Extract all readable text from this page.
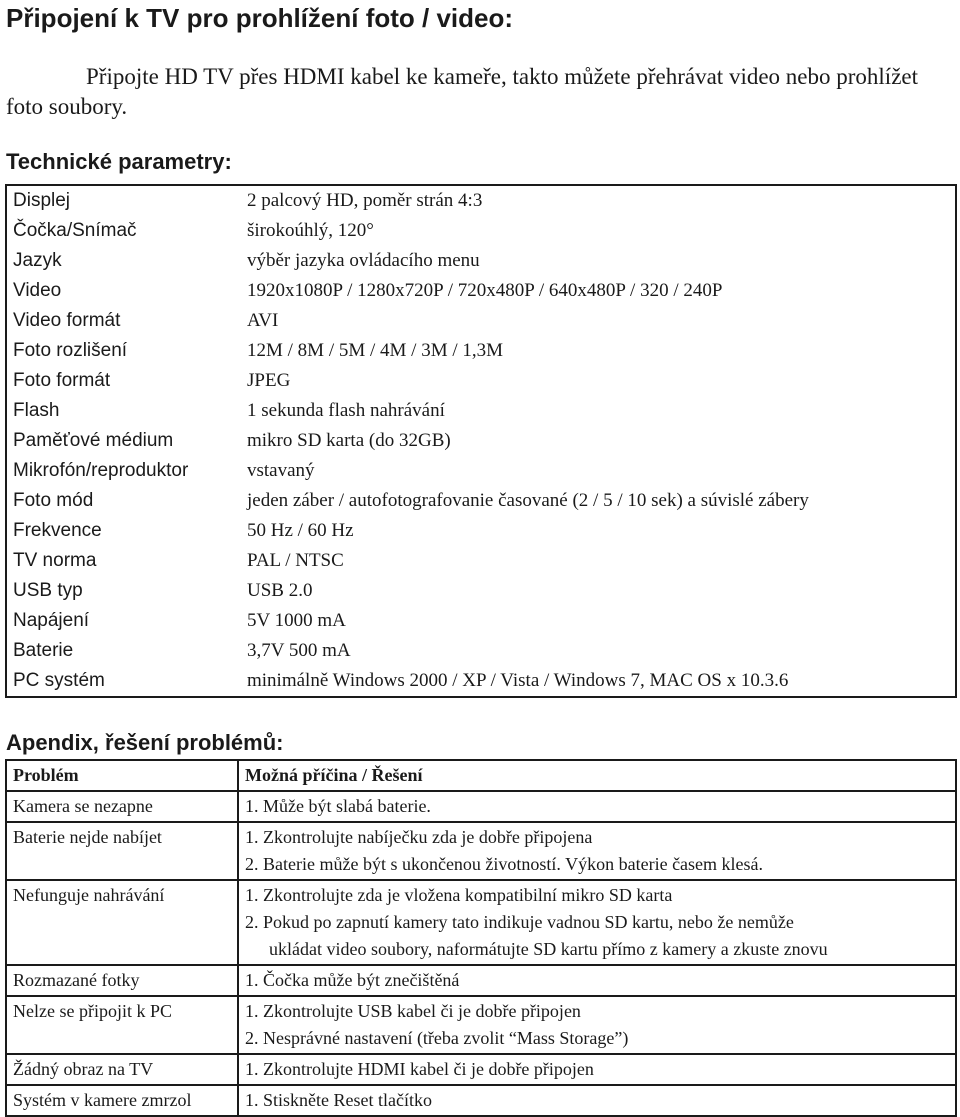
Připojení k TV pro prohlížení foto / video:
Připojte HD TV přes HDMI kabel ke kameře, takto můžete přehrávat video nebo prohlížet foto soubory.
Technické parametry:
Displej	2 palcový HD, poměr strán 4:3
Čočka/Snímač	širokoúhlý, 120°
Jazyk	výběr jazyka ovládacího menu
Video	1920x1080P / 1280x720P / 720x480P / 640x480P / 320 / 240P
Video formát	AVI
Foto rozlišení	12M / 8M / 5M / 4M / 3M / 1,3M
Foto formát	JPEG
Flash	1 sekunda flash nahrávání
Paměťové médium	mikro SD karta (do 32GB)
Mikrofón/reproduktor	vstavaný
Foto mód	jeden záber / autofotografovanie časované (2 / 5 / 10 sek) a súvislé zábery
Frekvence	50 Hz / 60 Hz
TV norma	PAL / NTSC
USB typ	USB 2.0
Napájení	5V 1000 mA
Baterie	3,7V 500 mA
PC systém	minimálně Windows 2000 / XP / Vista / Windows 7, MAC OS x 10.3.6
Apendix, řešení problémů:
Problém	Možná příčina / Řešení
Kamera se nezapne	1. Může být slabá baterie.

Baterie nejde nabíjet	1. Zkontrolujte nabíječku zda je dobře připojena
2. Baterie může být s ukončenou životností. Výkon baterie časem klesá.

Nefunguje nahrávání	1. Zkontrolujte zda je vložena kompatibilní mikro SD karta
2. Pokud po zapnutí kamery tato indikuje vadnou SD kartu, nebo že nemůže
ukládat video soubory, naformátujte SD kartu přímo z kamery a zkuste znovu

Rozmazané fotky	1. Čočka může být znečištěná

Nelze se připojit k PC	1. Zkontrolujte USB kabel či je dobře připojen
2. Nesprávné nastavení (třeba zvolit “Mass Storage”)

Žádný obraz na TV	1. Zkontrolujte HDMI kabel či je dobře připojen

Systém v kamere zmrzol	1. Stiskněte Reset tlačítko
